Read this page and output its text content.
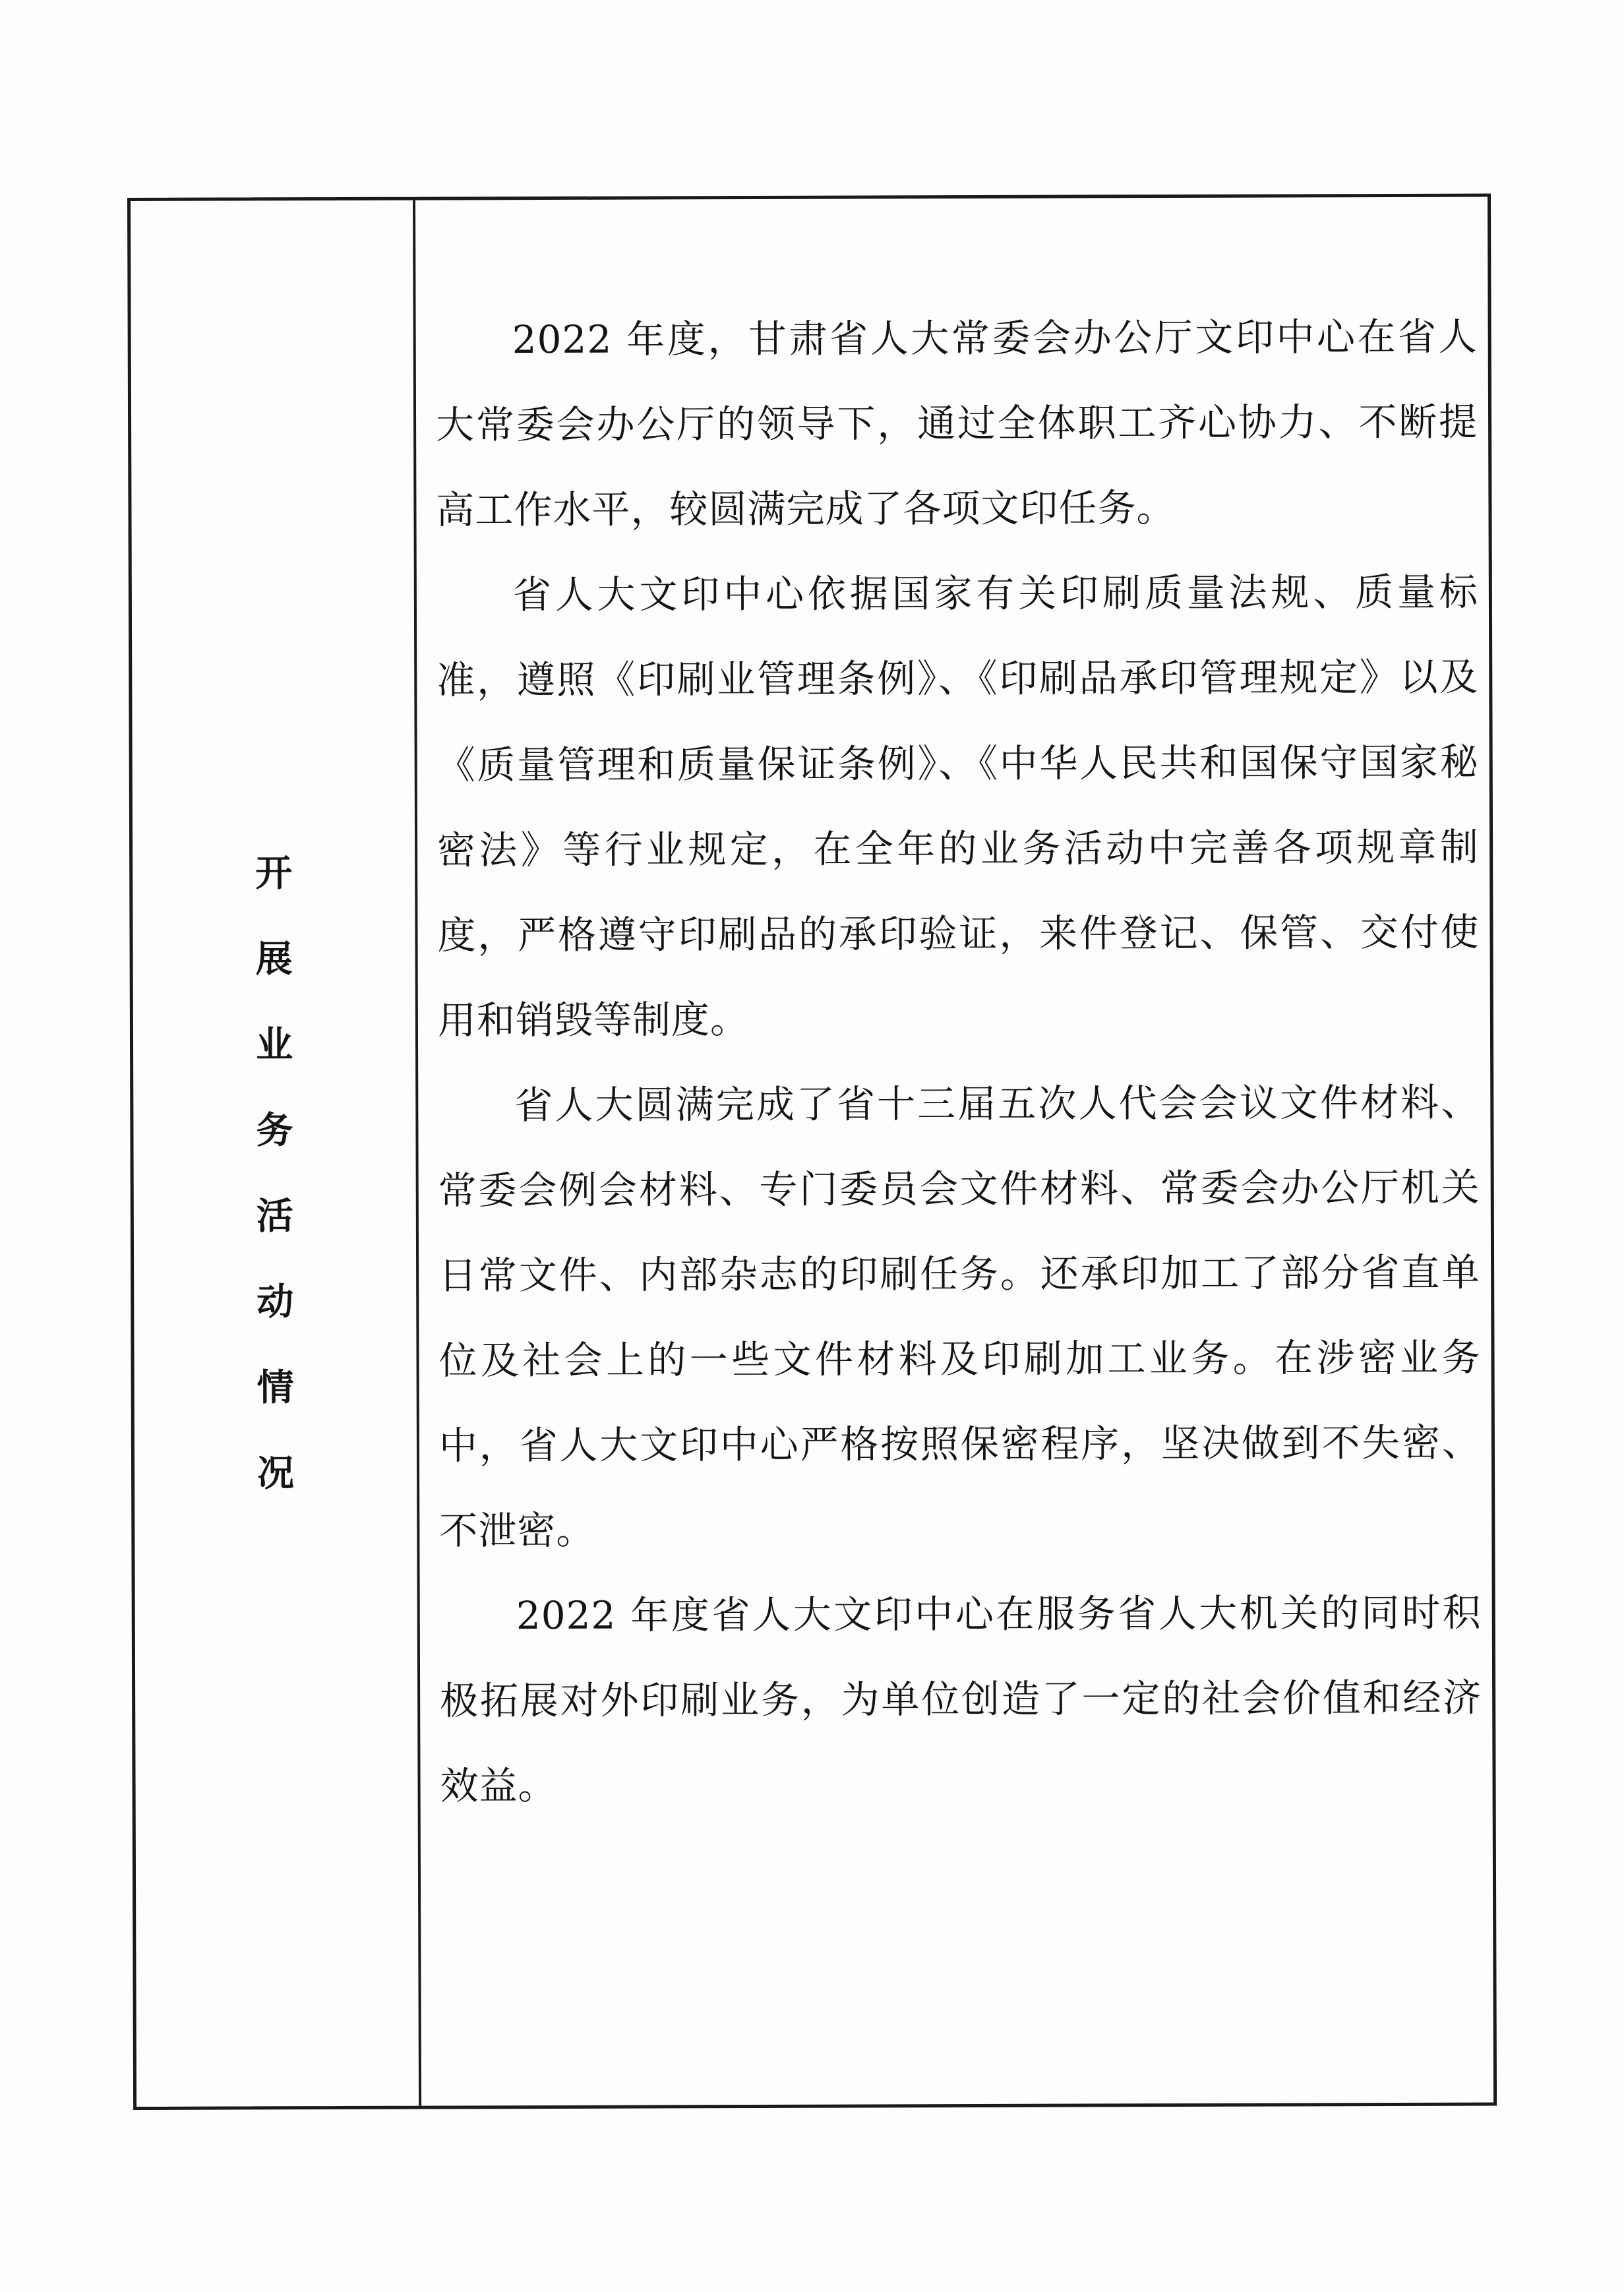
开
展
业
务
活
动
情
况

2022 年度，甘肃省人大常委会办公厅文印中心在省人大常委会办公厅的领导下，通过全体职工齐心协力、不断提高工作水平，较圆满完成了各项文印任务。

省人大文印中心依据国家有关印刷质量法规、质量标准，遵照《印刷业管理条例》、《印刷品承印管理规定》以及《质量管理和质量保证条例》、《中华人民共和国保守国家秘密法》等行业规定，在全年的业务活动中完善各项规章制度，严格遵守印刷品的承印验证，来件登记、保管、交付使用和销毁等制度。

省人大圆满完成了省十三届五次人代会会议文件材料、常委会例会材料、专门委员会文件材料、常委会办公厅机关日常文件、内部杂志的印刷任务。还承印加工了部分省直单位及社会上的一些文件材料及印刷加工业务。在涉密业务中，省人大文印中心严格按照保密程序，坚决做到不失密、不泄密。

2022 年度省人大文印中心在服务省人大机关的同时积极拓展对外印刷业务，为单位创造了一定的社会价值和经济效益。
